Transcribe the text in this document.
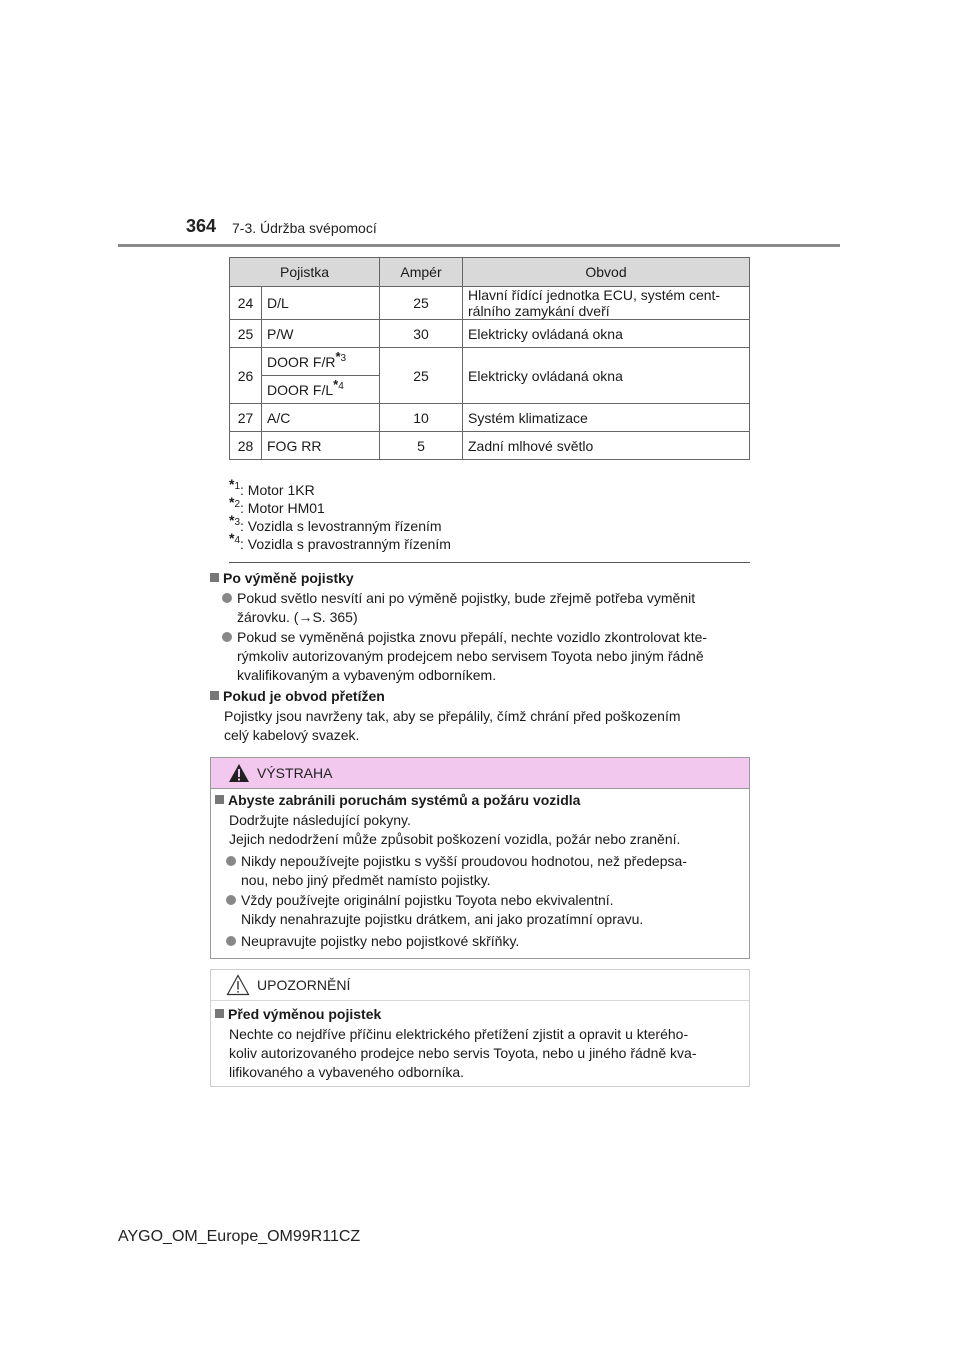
364 7-3. Údržba svépomocí
Pojistka		Ampér	Obvod
24	D/L	25	Hlavní řídící jednotka ECU, systém cent-
rálního zamykání dveří
25	P/W	30	Elektricky ovládaná okna
26	DOOR $F/R^{*3}$	25	Elektricky ovládaná okna
	DOOR $F/L^{*4}$
27	A/C	10	Systém klimatizace
28	FOG RR	5	Zadní mlhové světlo
$^{*1}$: Motor 1KR
$^{*2}$: Motor HM01
$^{*3}$: Vozidla s levostranným řízením
$^{*4}$: Vozidla s pravostranným řízením
Po výměně pojistky
Pokud světlo nesvítí ani po výměně pojistky, bude zřejmě potřeba vyměnit
žárovku. (→S. 365)
Pokud se vyměněná pojistka znovu přepálí, nechte vozidlo zkontrolovat kte-
rýmkoliv autorizovaným prodejcem nebo servisem Toyota nebo jiným řádně
kvalifikovaným a vybaveným odborníkem.
Pokud je obvod přetížen
Pojistky jsou navrženy tak, aby se přepálily, čímž chrání před poškozením
celý kabelový svazek.
VÝSTRAHA
Abyste zabránili poruchám systémů a požáru vozidla
Dodržujte následující pokyny.
Jejich nedodržení může způsobit poškození vozidla, požár nebo zranění.
Nikdy nepoužívejte pojistku s vyšší proudovou hodnotou, než předepsa-
nou, nebo jiný předmět namísto pojistky.
Vždy používejte originální pojistku Toyota nebo ekvivalentní.
Nikdy nenahrazujte pojistku drátkem, ani jako prozatímní opravu.
Neupravujte pojistky nebo pojistkové skříňky.
UPOZORNĚNÍ
Před výměnou pojistek
Nechte co nejdříve příčinu elektrického přetížení zjistit a opravit u kterého-
koliv autorizovaného prodejce nebo servis Toyota, nebo u jiného řádně kva-
lifikovaného a vybaveného odborníka.
AYGO_OM_Europe_OM99R11CZ
